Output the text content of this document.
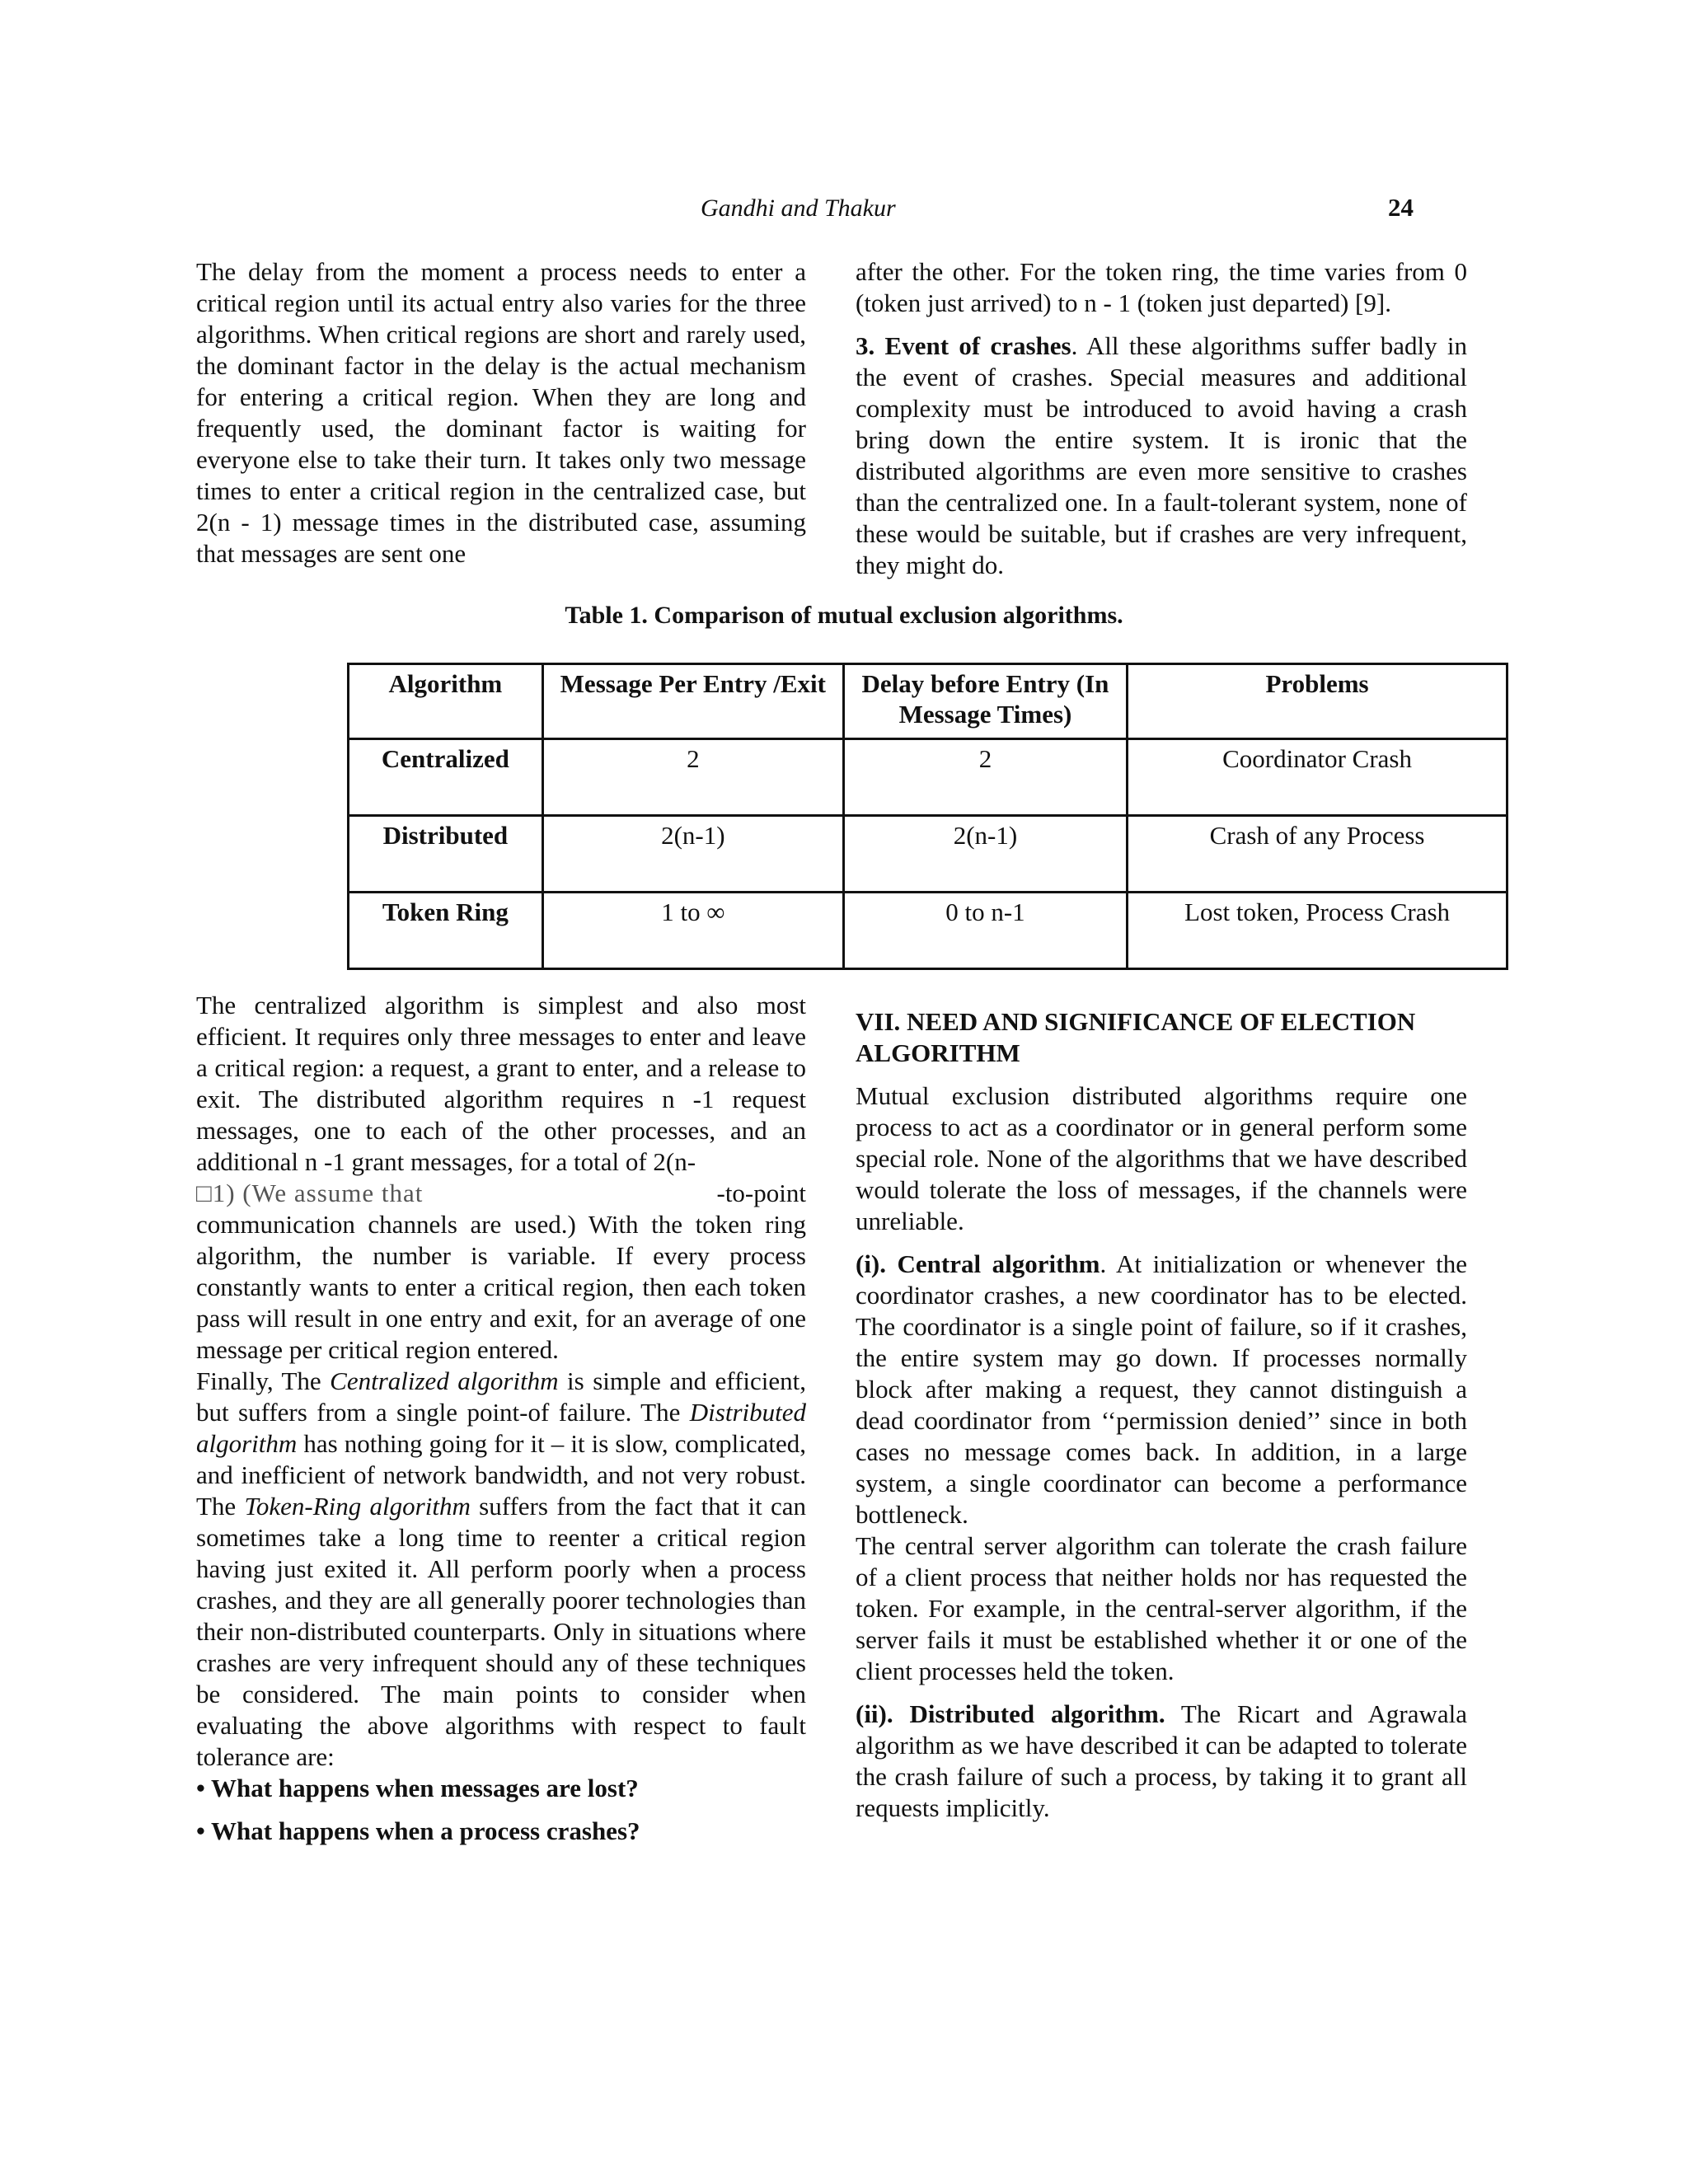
Gandhi and Thakur	24

The delay from the moment a process needs to enter a critical region until its actual entry also varies for the three algorithms. When critical regions are short and rarely used, the dominant factor in the delay is the actual mechanism for entering a critical region. When they are long and frequently used, the dominant factor is waiting for everyone else to take their turn. It takes only two message times to enter a critical region in the centralized case, but 2(n - 1) message times in the distributed case, assuming that messages are sent one

after the other. For the token ring, the time varies from 0 (token just arrived) to n - 1 (token just departed) [9].

3. Event of crashes. All these algorithms suffer badly in the event of crashes. Special measures and additional complexity must be introduced to avoid having a crash bring down the entire system. It is ironic that the distributed algorithms are even more sensitive to crashes than the centralized one. In a fault-tolerant system, none of these would be suitable, but if crashes are very infrequent, they might do.

Table 1. Comparison of mutual exclusion algorithms.
Algorithm	Message Per Entry /Exit	Delay before Entry (In Message Times)	Problems
Centralized	2	2	Coordinator Crash
Distributed	2(n-1)	2(n-1)	Crash of any Process
Token Ring	1 to ∞	0 to n-1	Lost token, Process Crash

The centralized algorithm is simplest and also most efficient. It requires only three messages to enter and leave a critical region: a request, a grant to enter, and a release to exit. The distributed algorithm requires n -1 request messages, one to each of the other processes, and an additional n -1 grant messages, for a total of 2(n-
□1) (We assume that	-to-point
communication channels are used.) With the token ring algorithm, the number is variable. If every process constantly wants to enter a critical region, then each token pass will result in one entry and exit, for an average of one message per critical region entered.

Finally, The Centralized algorithm is simple and efficient, but suffers from a single point-of failure. The Distributed algorithm has nothing going for it – it is slow, complicated, and inefficient of network bandwidth, and not very robust. The Token-Ring algorithm suffers from the fact that it can sometimes take a long time to reenter a critical region having just exited it. All perform poorly when a process crashes, and they are all generally poorer technologies than their non-distributed counterparts. Only in situations where crashes are very infrequent should any of these techniques be considered. The main points to consider when evaluating the above algorithms with respect to fault tolerance are:

• What happens when messages are lost?

• What happens when a process crashes?

VII. NEED AND SIGNIFICANCE OF ELECTION ALGORITHM

Mutual exclusion distributed algorithms require one process to act as a coordinator or in general perform some special role. None of the algorithms that we have described would tolerate the loss of messages, if the channels were unreliable.

(i). Central algorithm. At initialization or whenever the coordinator crashes, a new coordinator has to be elected. The coordinator is a single point of failure, so if it crashes, the entire system may go down. If processes normally block after making a request, they cannot distinguish a dead coordinator from ‘‘permission denied’’ since in both cases no message comes back. In addition, in a large system, a single coordinator can become a performance bottleneck.

The central server algorithm can tolerate the crash failure of a client process that neither holds nor has requested the token. For example, in the central-server algorithm, if the server fails it must be established whether it or one of the client processes held the token.

(ii). Distributed algorithm. The Ricart and Agrawala algorithm as we have described it can be adapted to tolerate the crash failure of such a process, by taking it to grant all requests implicitly.
